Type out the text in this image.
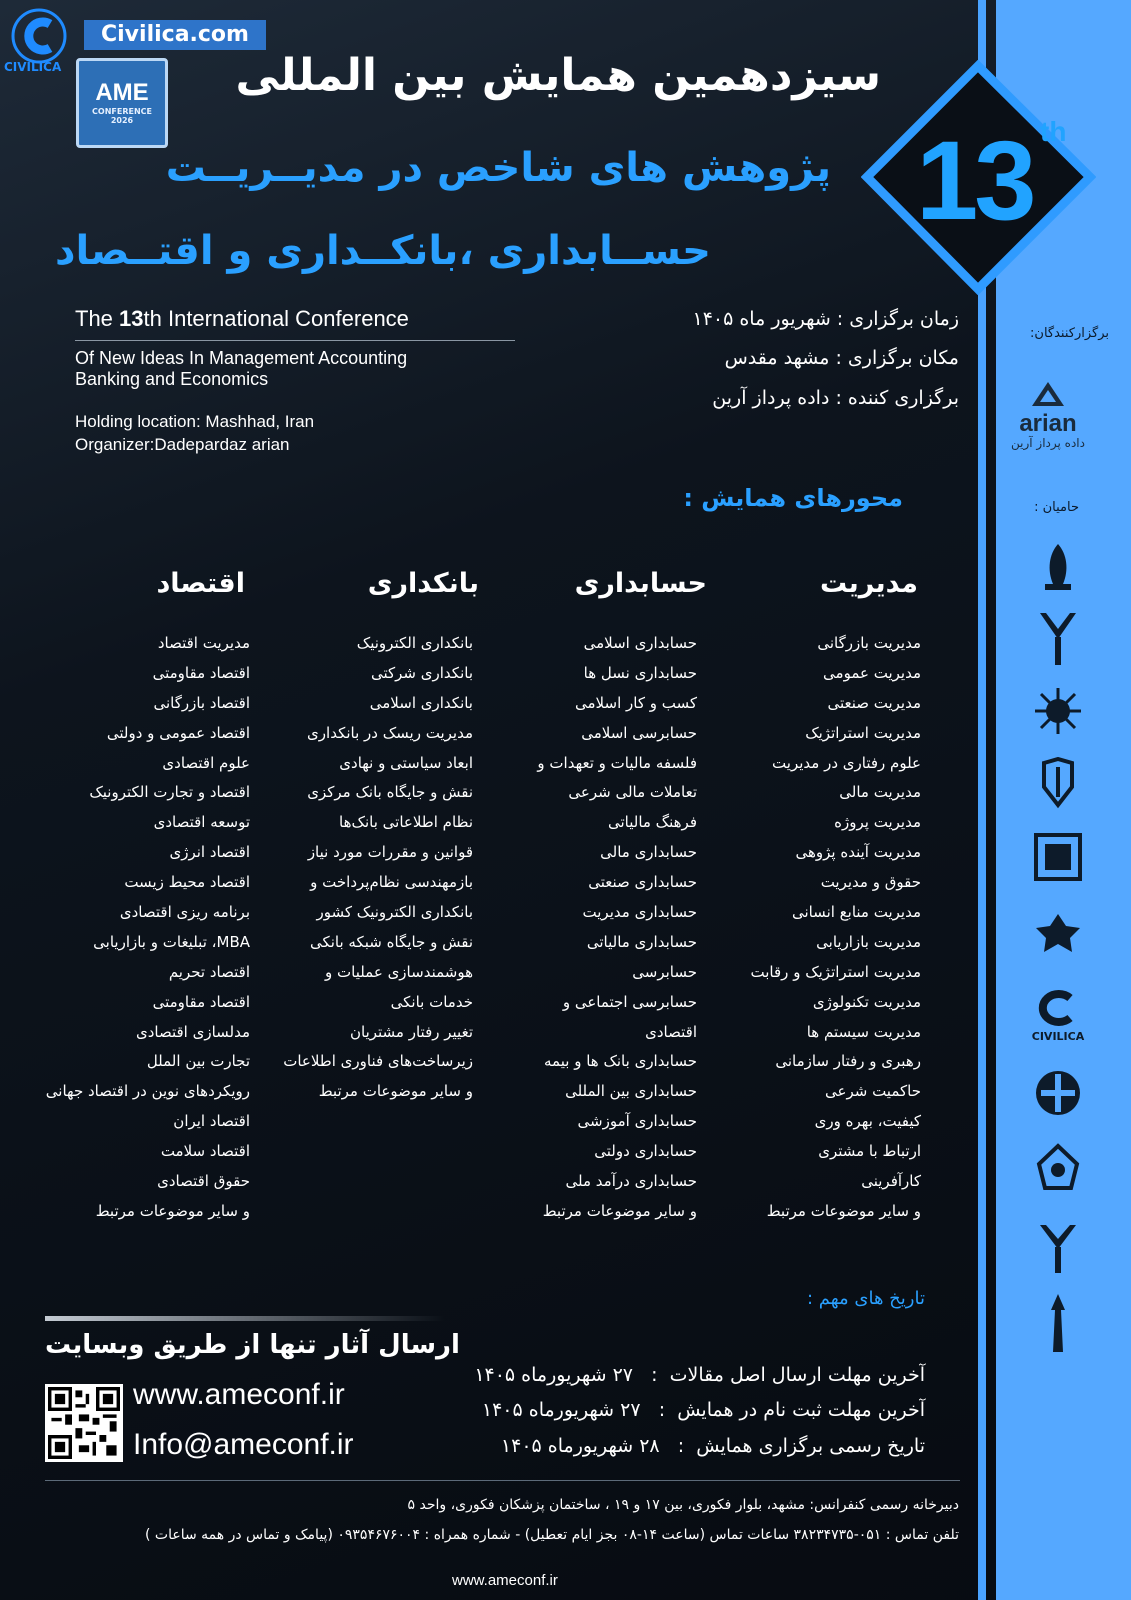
برگزارکنندگان:
arian
داده پرداز آرین
حامیان :
CIVILICA
CIVILICA
Civilica.com
AME
CONFERENCE
2026
سیزدهمین همایش بین المللی
پژوهش های شاخص در مدیــریــت
حســابداری ،بانکــداری و اقتــصاد
13 th
The 13th International Conference
Of New Ideas In Management Accounting
Banking and Economics
Holding location: Mashhad, Iran
Organizer:Dadepardaz arian
زمان برگزاری : شهریور ماه ۱۴۰۵
مکان برگزاری : مشهد مقدس
برگزاری کننده : داده پرداز آرین
محورهای همایش :
مدیریت
حسابداری
بانکداری
اقتصاد
مدیریت بازرگانی
مدیریت عمومی
مدیریت صنعتی
مدیریت استراتژیک
علوم رفتاری در مدیریت
مدیریت مالی
مدیریت پروژه
مدیریت آینده پژوهی
حقوق و مدیریت
مدیریت منابع انسانی
مدیریت بازاریابی
مدیریت استراتژیک و رقابت
مدیریت تکنولوژی
مدیریت سیستم ها
رهبری و رفتار سازمانی
حاکمیت شرعی
کیفیت، بهره وری
ارتباط با مشتری
کارآفرینی
و سایر موضوعات مرتبط
حسابداری اسلامی
حسابداری نسل ها
کسب و کار اسلامی
حسابرسی اسلامی
فلسفه مالیات و تعهدات و
تعاملات مالی شرعی
فرهنگ مالیاتی
حسابداری مالی
حسابداری صنعتی
حسابداری مدیریت
حسابداری مالیاتی
حسابرسی
حسابرسی اجتماعی و
اقتصادی
حسابداری بانک ها و بیمه
حسابداری بین المللی
حسابداری آموزشی
حسابداری دولتی
حسابداری درآمد ملی
و سایر موضوعات مرتبط
بانکداری الکترونیک
بانکداری شرکتی
بانکداری اسلامی
مدیریت ریسک در بانکداری
ابعاد سیاستی و نهادی
نقش و جایگاه بانک مرکزی
نظام اطلاعاتی بانک‌ها
قوانین و مقررات مورد نیاز
بازمهندسی نظام‌پرداخت و
بانکداری الکترونیک کشور
نقش و جایگاه شبکه بانکی
هوشمندسازی عملیات و
خدمات بانکی
تغییر رفتار مشتریان
زیرساخت‌های فناوری اطلاعات
و سایر موضوعات مرتبط
مدیریت اقتصاد
اقتصاد مقاومتی
اقتصاد بازرگانی
اقتصاد عمومی و دولتی
علوم اقتصادی
اقتصاد و تجارت الکترونیک
توسعه اقتصادی
اقتصاد انرژی
اقتصاد محیط زیست
برنامه ریزی اقتصادی
MBA، تبلیغات و بازاریابی
اقتصاد تحریم
اقتصاد مقاومتی
مدلسازی اقتصادی
تجارت بین الملل
رویکردهای نوین در اقتصاد جهانی
اقتصاد ایران
اقتصاد سلامت
حقوق اقتصادی
و سایر موضوعات مرتبط
تاریخ های مهم :
آخرین مهلت ارسال اصل مقالات  :   ۲۷ شهریورماه ۱۴۰۵
آخرین مهلت ثبت نام در همایش  :   ۲۷ شهریورماه ۱۴۰۵
تاریخ رسمی برگزاری همایش  :   ۲۸ شهریورماه ۱۴۰۵
ارسال آثار تنها از طریق وبسایت
www.ameconf.ir
Info@ameconf.ir
دبیرخانه رسمی کنفرانس: مشهد، بلوار فکوری، بین ۱۷ و ۱۹ ، ساختمان پزشکان فکوری، واحد ۵
تلفن تماس : ۰۵۱-۳۸۲۳۴۷۳۵ ساعات تماس (ساعت ۱۴-۰۸ بجز ایام تعطیل) - شماره همراه : ۰۹۳۵۴۶۷۶۰۰۴ (پیامک و تماس در همه ساعات )
www.ameconf.ir
